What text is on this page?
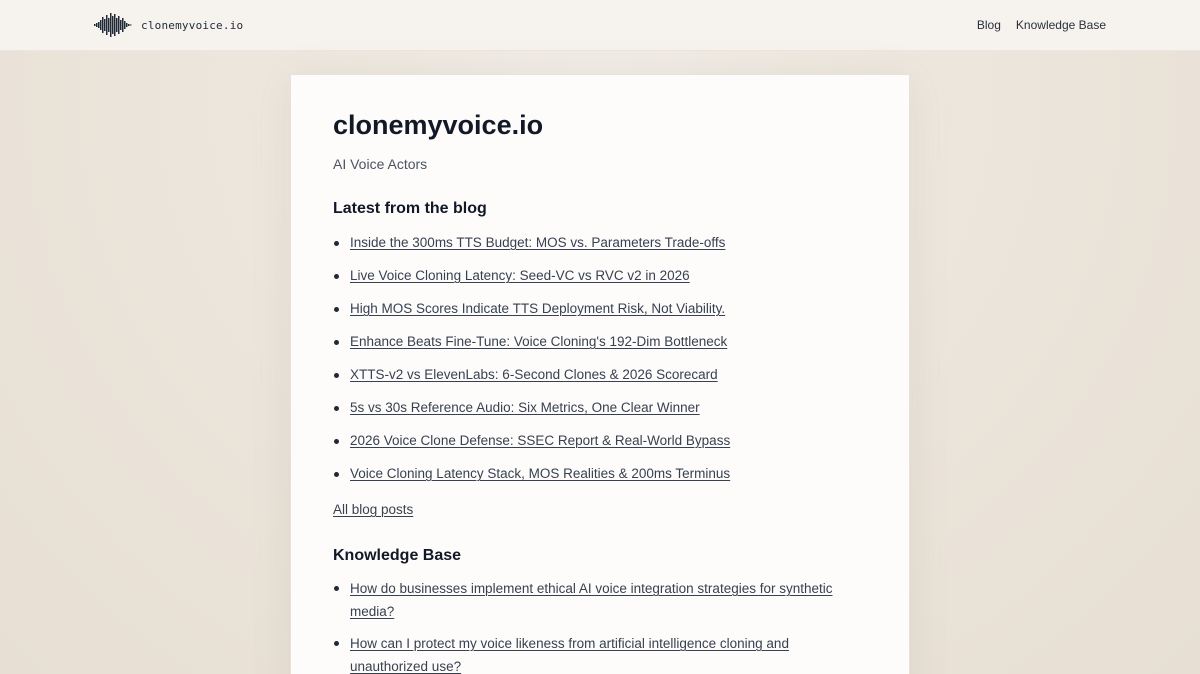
clonemyvoice.io	Blog Knowledge Base
clonemyvoice.io

AI Voice Actors

Latest from the blog
Inside the 300ms TTS Budget: MOS vs. Parameters Trade-offs
Live Voice Cloning Latency: Seed-VC vs RVC v2 in 2026
High MOS Scores Indicate TTS Deployment Risk, Not Viability.
Enhance Beats Fine-Tune: Voice Cloning's 192-Dim Bottleneck
XTTS-v2 vs ElevenLabs: 6-Second Clones & 2026 Scorecard
5s vs 30s Reference Audio: Six Metrics, One Clear Winner
2026 Voice Clone Defense: SSEC Report & Real-World Bypass
Voice Cloning Latency Stack, MOS Realities & 200ms Terminus
All blog posts
Knowledge Base
How do businesses implement ethical AI voice integration strategies for synthetic
media?
How can I protect my voice likeness from artificial intelligence cloning and
unauthorized use?
